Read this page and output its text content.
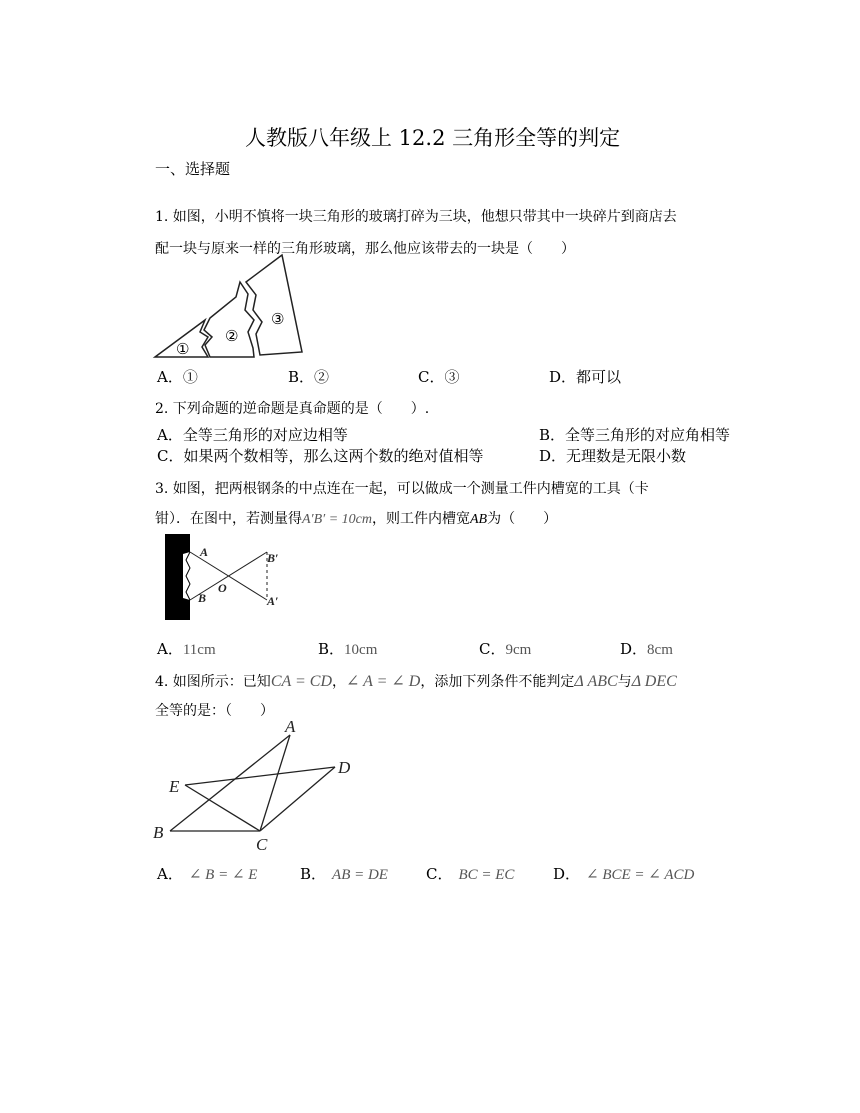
人教版八年级上 12.2 三角形全等的判定
一、选择题
1. 如图，小明不慎将一块三角形的玻璃打碎为三块，他想只带其中一块碎片到商店去
配一块与原来一样的三角形玻璃，那么他应该带去的一块是（　　）
①
②
③
A．①	B．②	C．③	D．都可以
2. 下列命题的逆命题是真命题的是（　　）.
A．全等三角形的对应边相等	B．全等三角形的对应角相等
C．如果两个数相等，那么这两个数的绝对值相等	D．无理数是无限小数
3. 如图，把两根钢条的中点连在一起，可以做成一个测量工件内槽宽的工具（卡
钳）．在图中，若测量得A′B′ = 10cm，则工件内槽宽AB为（　　）
A
B
O
B′
A′
A．11cm	B．10cm	C．9cm	D．8cm
4. 如图所示：已知CA = CD，∠ A = ∠ D，添加下列条件不能判定Δ ABC与Δ DEC
全等的是：（　　）
A
D
E
B
C
A． ∠ B = ∠ E	B． AB = DE	C． BC = EC	D． ∠ BCE = ∠ ACD
